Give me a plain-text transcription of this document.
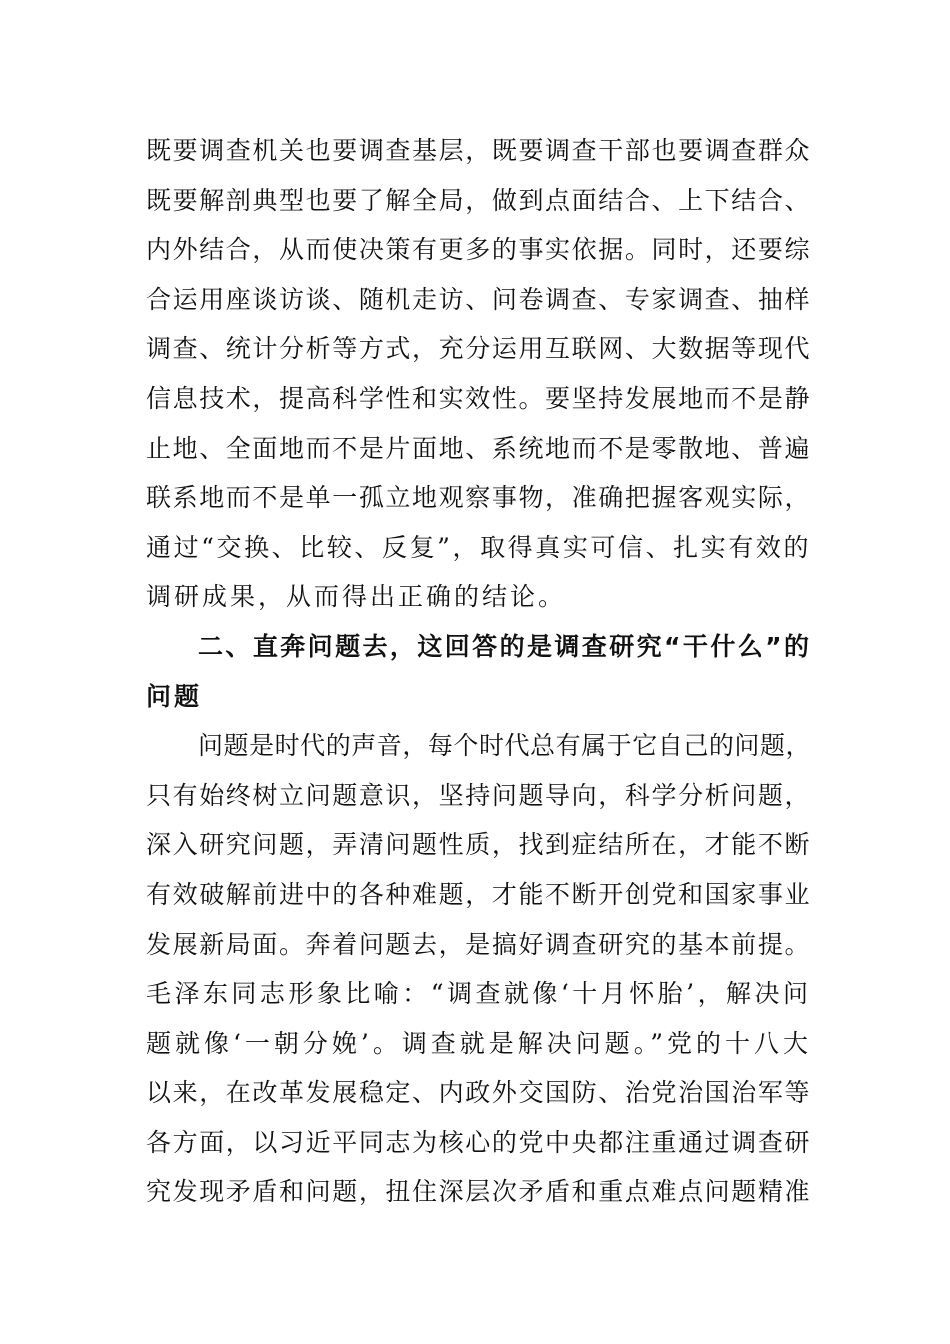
既要调查机关也要调查基层，既要调查干部也要调查群众
既要解剖典型也要了解全局，做到点面结合、上下结合、
内外结合，从而使决策有更多的事实依据。同时，还要综
合运用座谈访谈、随机走访、问卷调查、专家调查、抽样
调查、统计分析等方式，充分运用互联网、大数据等现代
信息技术，提高科学性和实效性。要坚持发展地而不是静
止地、全面地而不是片面地、系统地而不是零散地、普遍
联系地而不是单一孤立地观察事物，准确把握客观实际，
通过“交换、比较、反复”，取得真实可信、扎实有效的
调研成果，从而得出正确的结论。
二、直奔问题去，这回答的是调查研究“干什么”的
问题
问题是时代的声音，每个时代总有属于它自己的问题，
只有始终树立问题意识，坚持问题导向，科学分析问题，
深入研究问题，弄清问题性质，找到症结所在，才能不断
有效破解前进中的各种难题，才能不断开创党和国家事业
发展新局面。奔着问题去，是搞好调查研究的基本前提。
毛泽东同志形象比喻：“调查就像‘十月怀胎’，解决问
题就像‘一朝分娩’。调查就是解决问题。”党的十八大
以来，在改革发展稳定、内政外交国防、治党治国治军等
各方面，以习近平同志为核心的党中央都注重通过调查研
究发现矛盾和问题，扭住深层次矛盾和重点难点问题精准
